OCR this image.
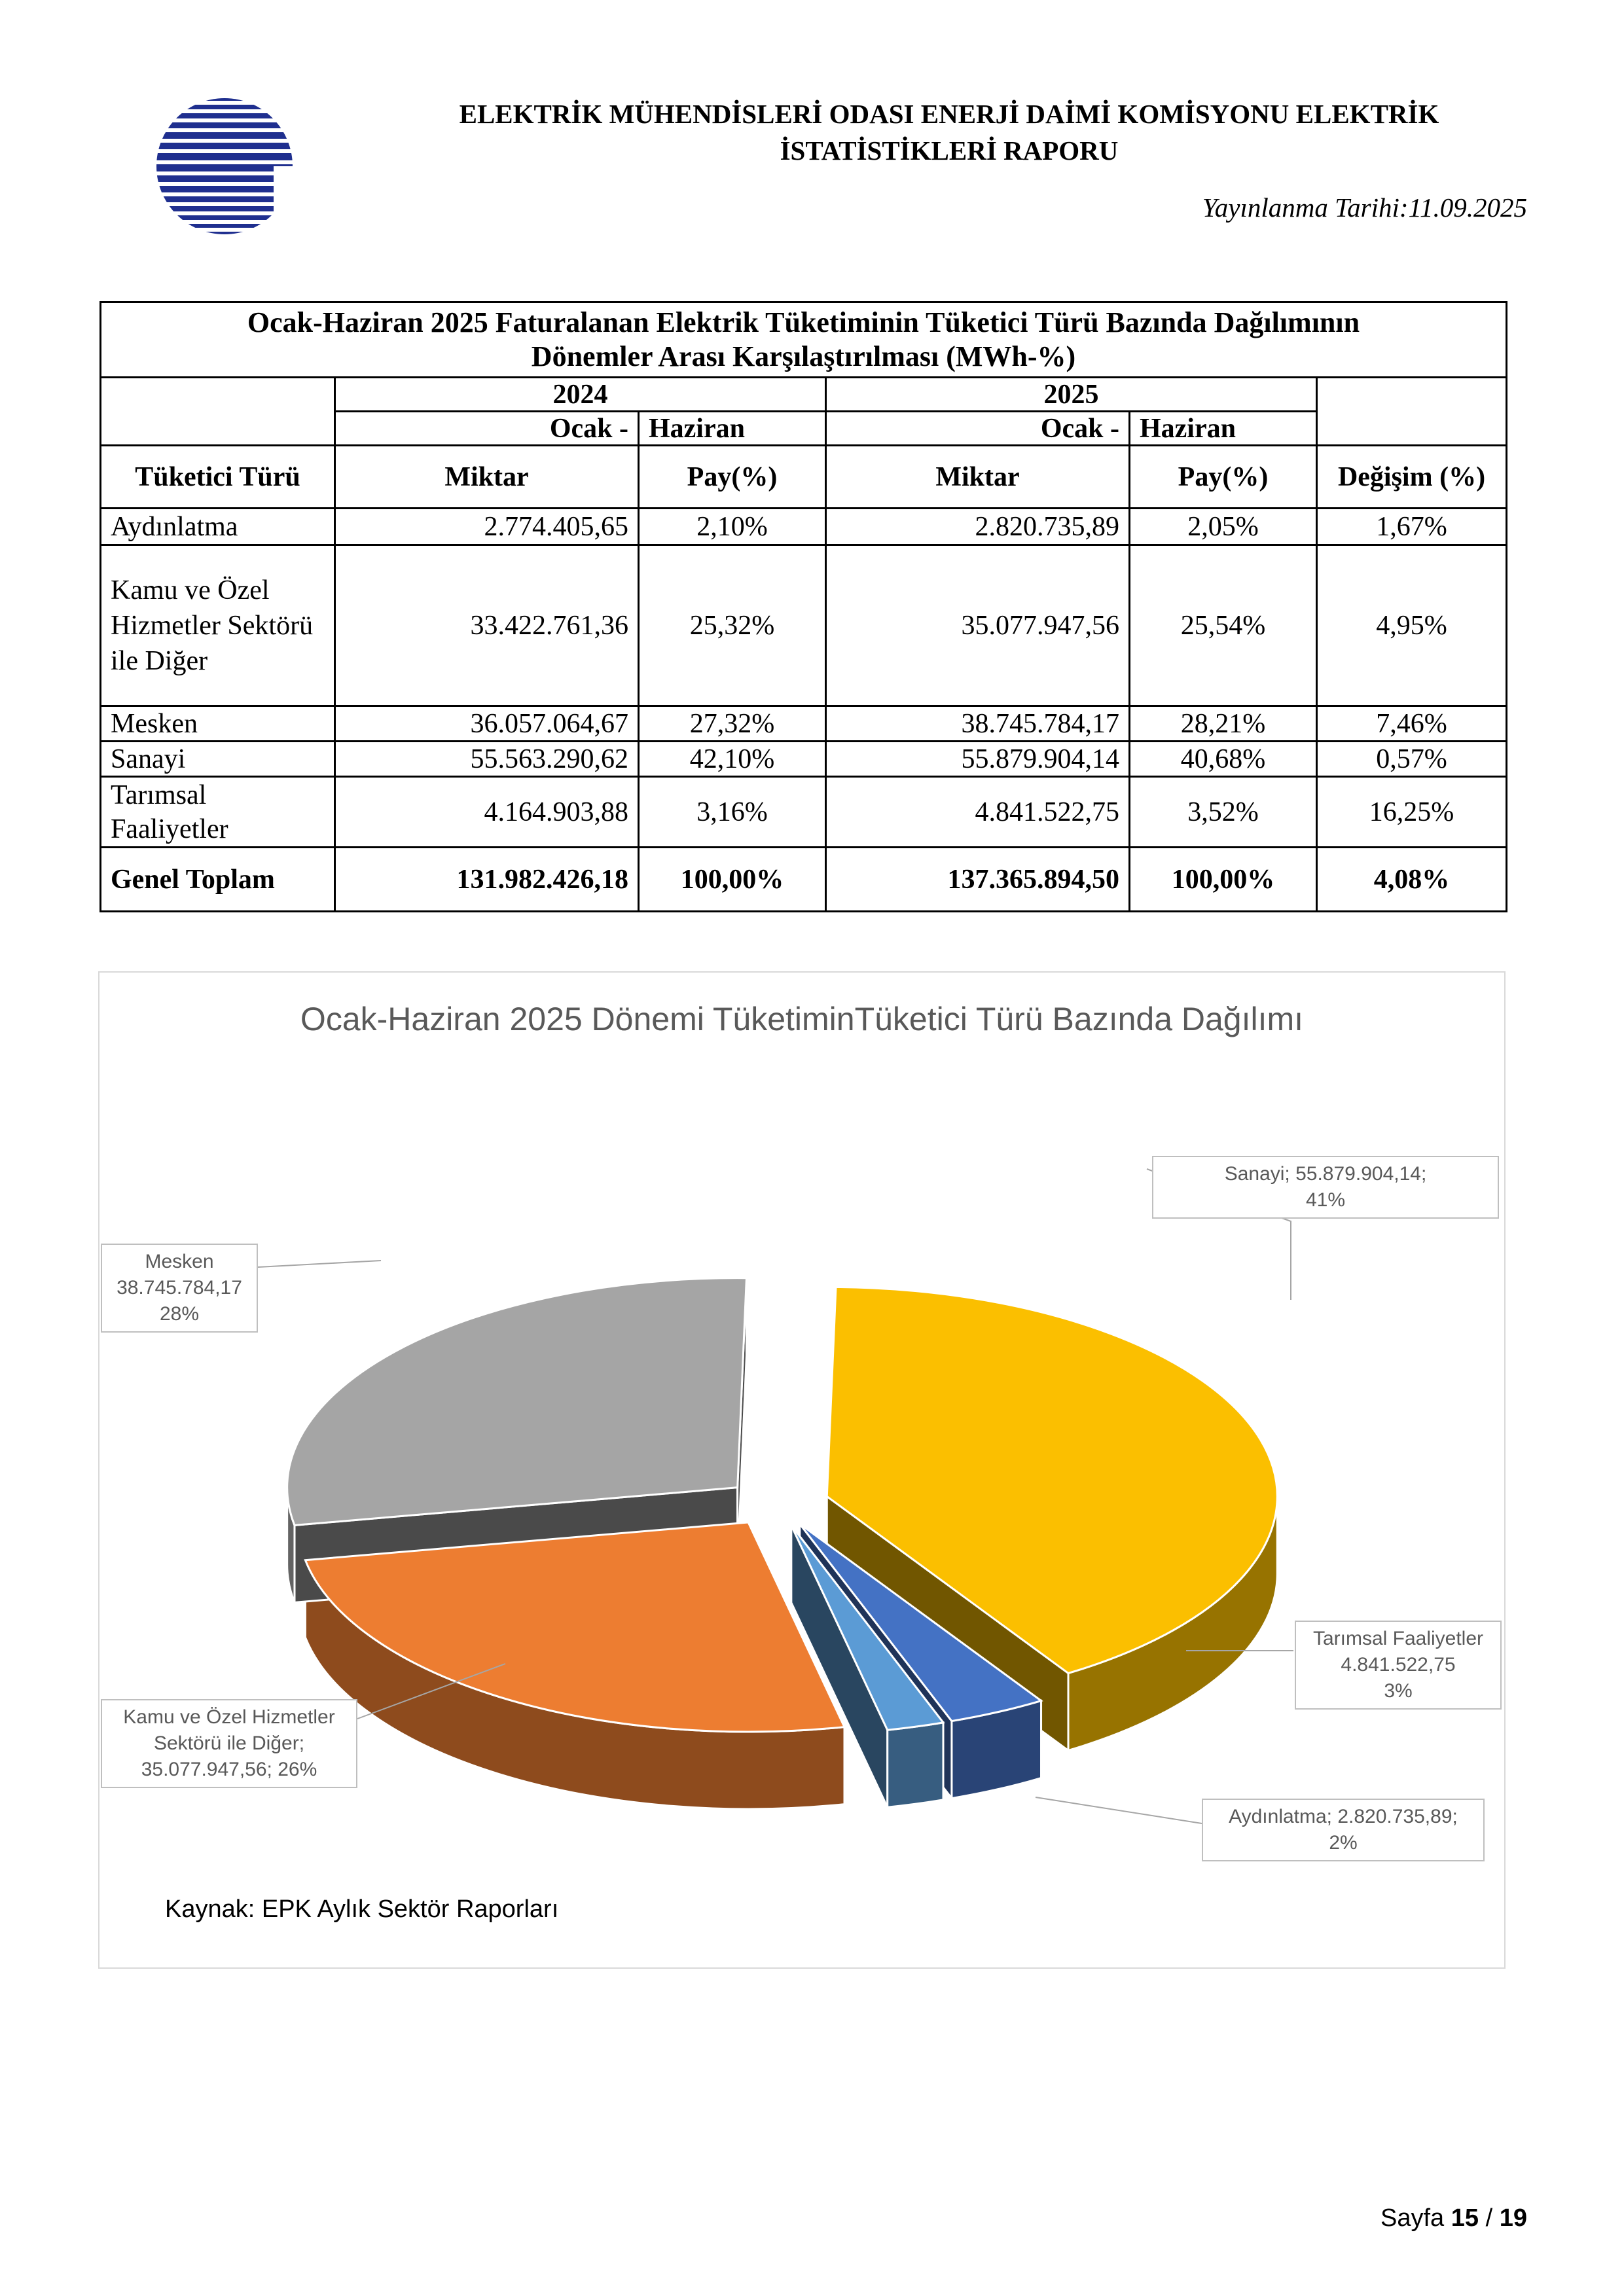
ELEKTRİK MÜHENDİSLERİ ODASI ENERJİ DAİMİ KOMİSYONU ELEKTRİK
İSTATİSTİKLERİ RAPORU
Yayınlanma Tarihi:11.09.2025
Ocak-Haziran 2025 Faturalanan Elektrik Tüketiminin Tüketici Türü Bazında Dağılımının
Dönemler Arası Karşılaştırılması (MWh-%)					

	2024		2025		
	Ocak -	Haziran	Ocak -	Haziran	
Tüketici Türü	Miktar	Pay(%)	Miktar	Pay(%)	Değişim (%)
Aydınlatma	2.774.405,65	2,10%	2.820.735,89	2,05%	1,67%
Kamu ve Özel Hizmetler Sektörü ile Diğer	33.422.761,36	25,32%	35.077.947,56	25,54%	4,95%
Mesken	36.057.064,67	27,32%	38.745.784,17	28,21%	7,46%
Sanayi	55.563.290,62	42,10%	55.879.904,14	40,68%	0,57%
Tarımsal Faaliyetler	4.164.903,88	3,16%	4.841.522,75	3,52%	16,25%
Genel Toplam	131.982.426,18	100,00%	137.365.894,50	100,00%	4,08%
Ocak-Haziran 2025 Dönemi TüketiminTüketici Türü Bazında Dağılımı
Sanayi; 55.879.904,14;
41%
Tarımsal Faaliyetler
4.841.522,75
3%
Aydınlatma; 2.820.735,89;
2%
Kamu ve Özel Hizmetler
Sektörü ile Diğer;
35.077.947,56; 26%
Mesken
38.745.784,17
28%
Kaynak: EPK Aylık Sektör Raporları
Sayfa 15 / 19
